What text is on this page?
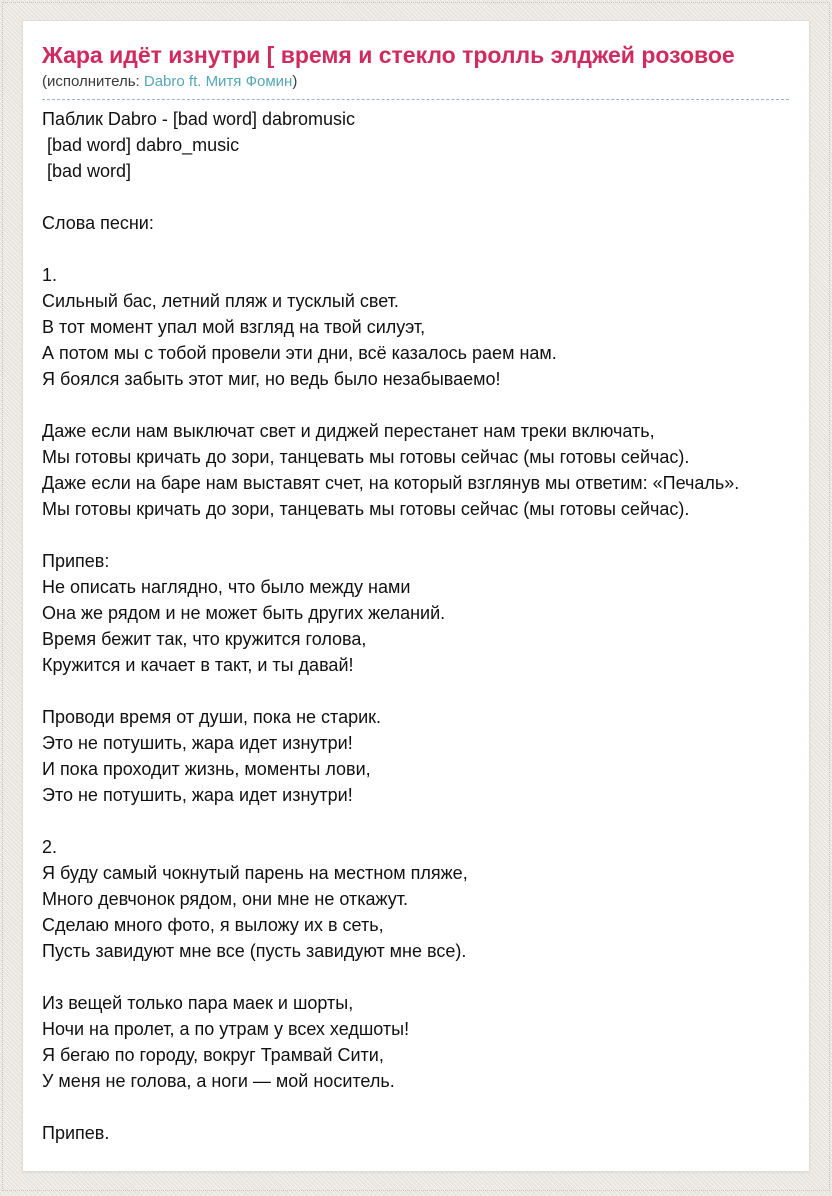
Жара идёт изнутри [ время и стекло тролль элджей розовое
(исполнитель: Dabro ft. Митя Фомин)
Паблик Dabro - [bad word] dabromusic
[bad word] dabro_music
[bad word]
Слова песни:
1.
Сильный бас, летний пляж и тусклый свет.
В тот момент упал мой взгляд на твой силуэт,
А потом мы с тобой провели эти дни, всё казалось раем нам.
Я боялся забыть этот миг, но ведь было незабываемо!
Даже если нам выключат свет и диджей перестанет нам треки включать,
Мы готовы кричать до зори, танцевать мы готовы сейчас (мы готовы сейчас).
Даже если на баре нам выставят счет, на который взглянув мы ответим: «Печаль».
Мы готовы кричать до зори, танцевать мы готовы сейчас (мы готовы сейчас).
Припев:
Не описать наглядно, что было между нами
Она же рядом и не может быть других желаний.
Время бежит так, что кружится голова,
Кружится и качает в такт, и ты давай!
Проводи время от души, пока не старик.
Это не потушить, жара идет изнутри!
И пока проходит жизнь, моменты лови,
Это не потушить, жара идет изнутри!
2.
Я буду самый чокнутый парень на местном пляже,
Много девчонок рядом, они мне не откажут.
Сделаю много фото, я выложу их в сеть,
Пусть завидуют мне все (пусть завидуют мне все).
Из вещей только пара маек и шорты,
Ночи на пролет, а по утрам у всех хедшоты!
Я бегаю по городу, вокруг Трамвай Сити,
У меня не голова, а ноги — мой носитель.
Припев.
